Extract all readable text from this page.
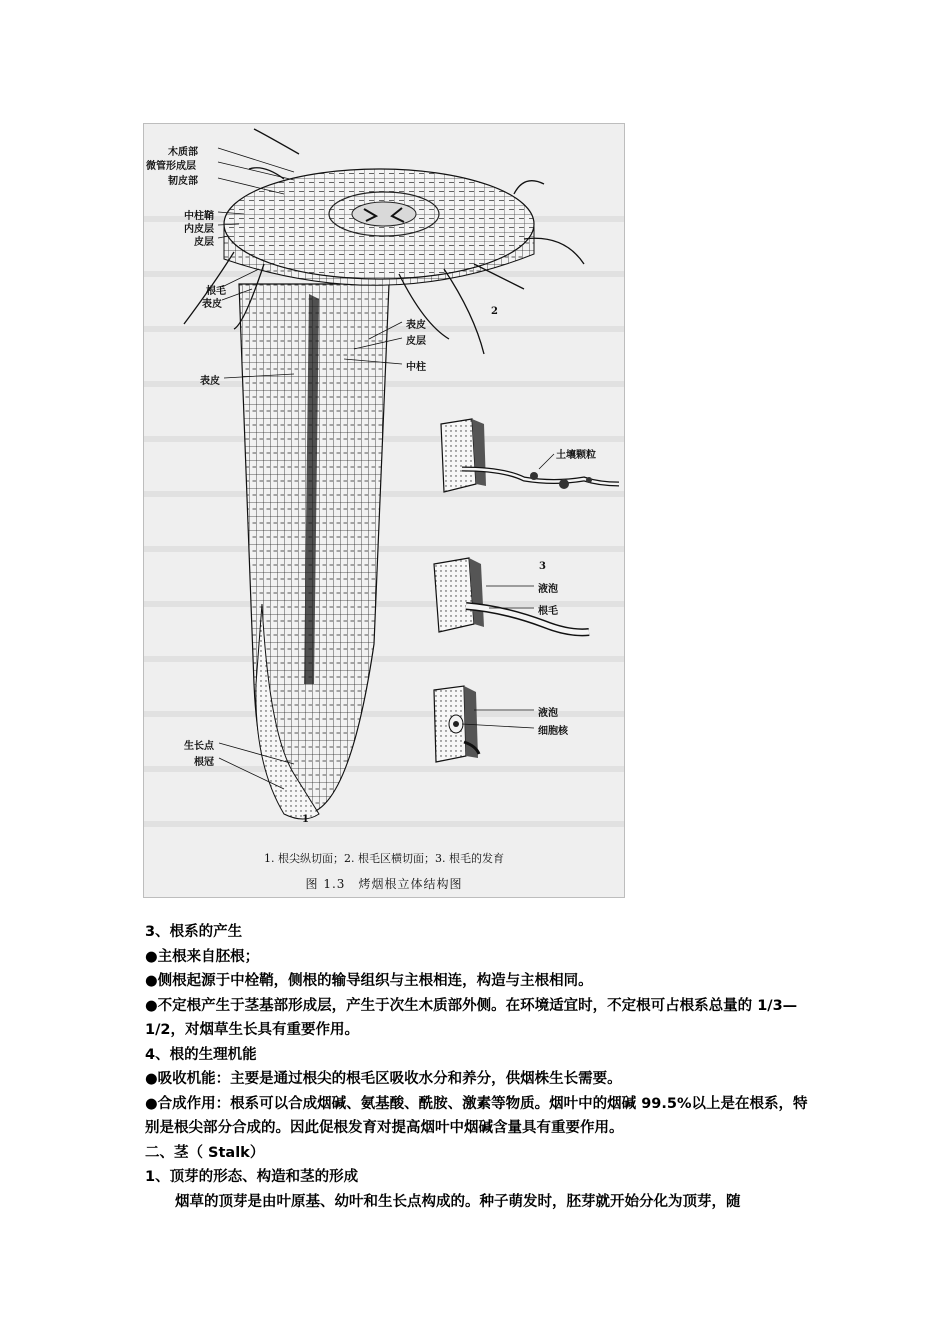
木质部
微管形成层
韧皮部
中柱鞘
内皮层
皮层
根毛
表皮
2
表皮
皮层
中柱
表皮
土壤颗粒
3
液泡
根毛
液泡
细胞核
生长点
根冠
1
1. 根尖纵切面；2. 根毛区横切面；3. 根毛的发育
图 1.3　烤烟根立体结构图

3、根系的产生

●主根来自胚根；

●侧根起源于中栓鞘，侧根的输导组织与主根相连，构造与主根相同。

●不定根产生于茎基部形成层，产生于次生木质部外侧。在环境适宜时，不定根可占根系总量的 1/3—1/2，对烟草生长具有重要作用。

4、根的生理机能

●吸收机能：主要是通过根尖的根毛区吸收水分和养分，供烟株生长需要。

●合成作用：根系可以合成烟碱、氨基酸、酰胺、激素等物质。烟叶中的烟碱 99.5%以上是在根系，特别是根尖部分合成的。因此促根发育对提高烟叶中烟碱含量具有重要作用。

二、茎（ Stalk）

1、顶芽的形态、构造和茎的形成

烟草的顶芽是由叶原基、幼叶和生长点构成的。种子萌发时，胚芽就开始分化为顶芽，随
